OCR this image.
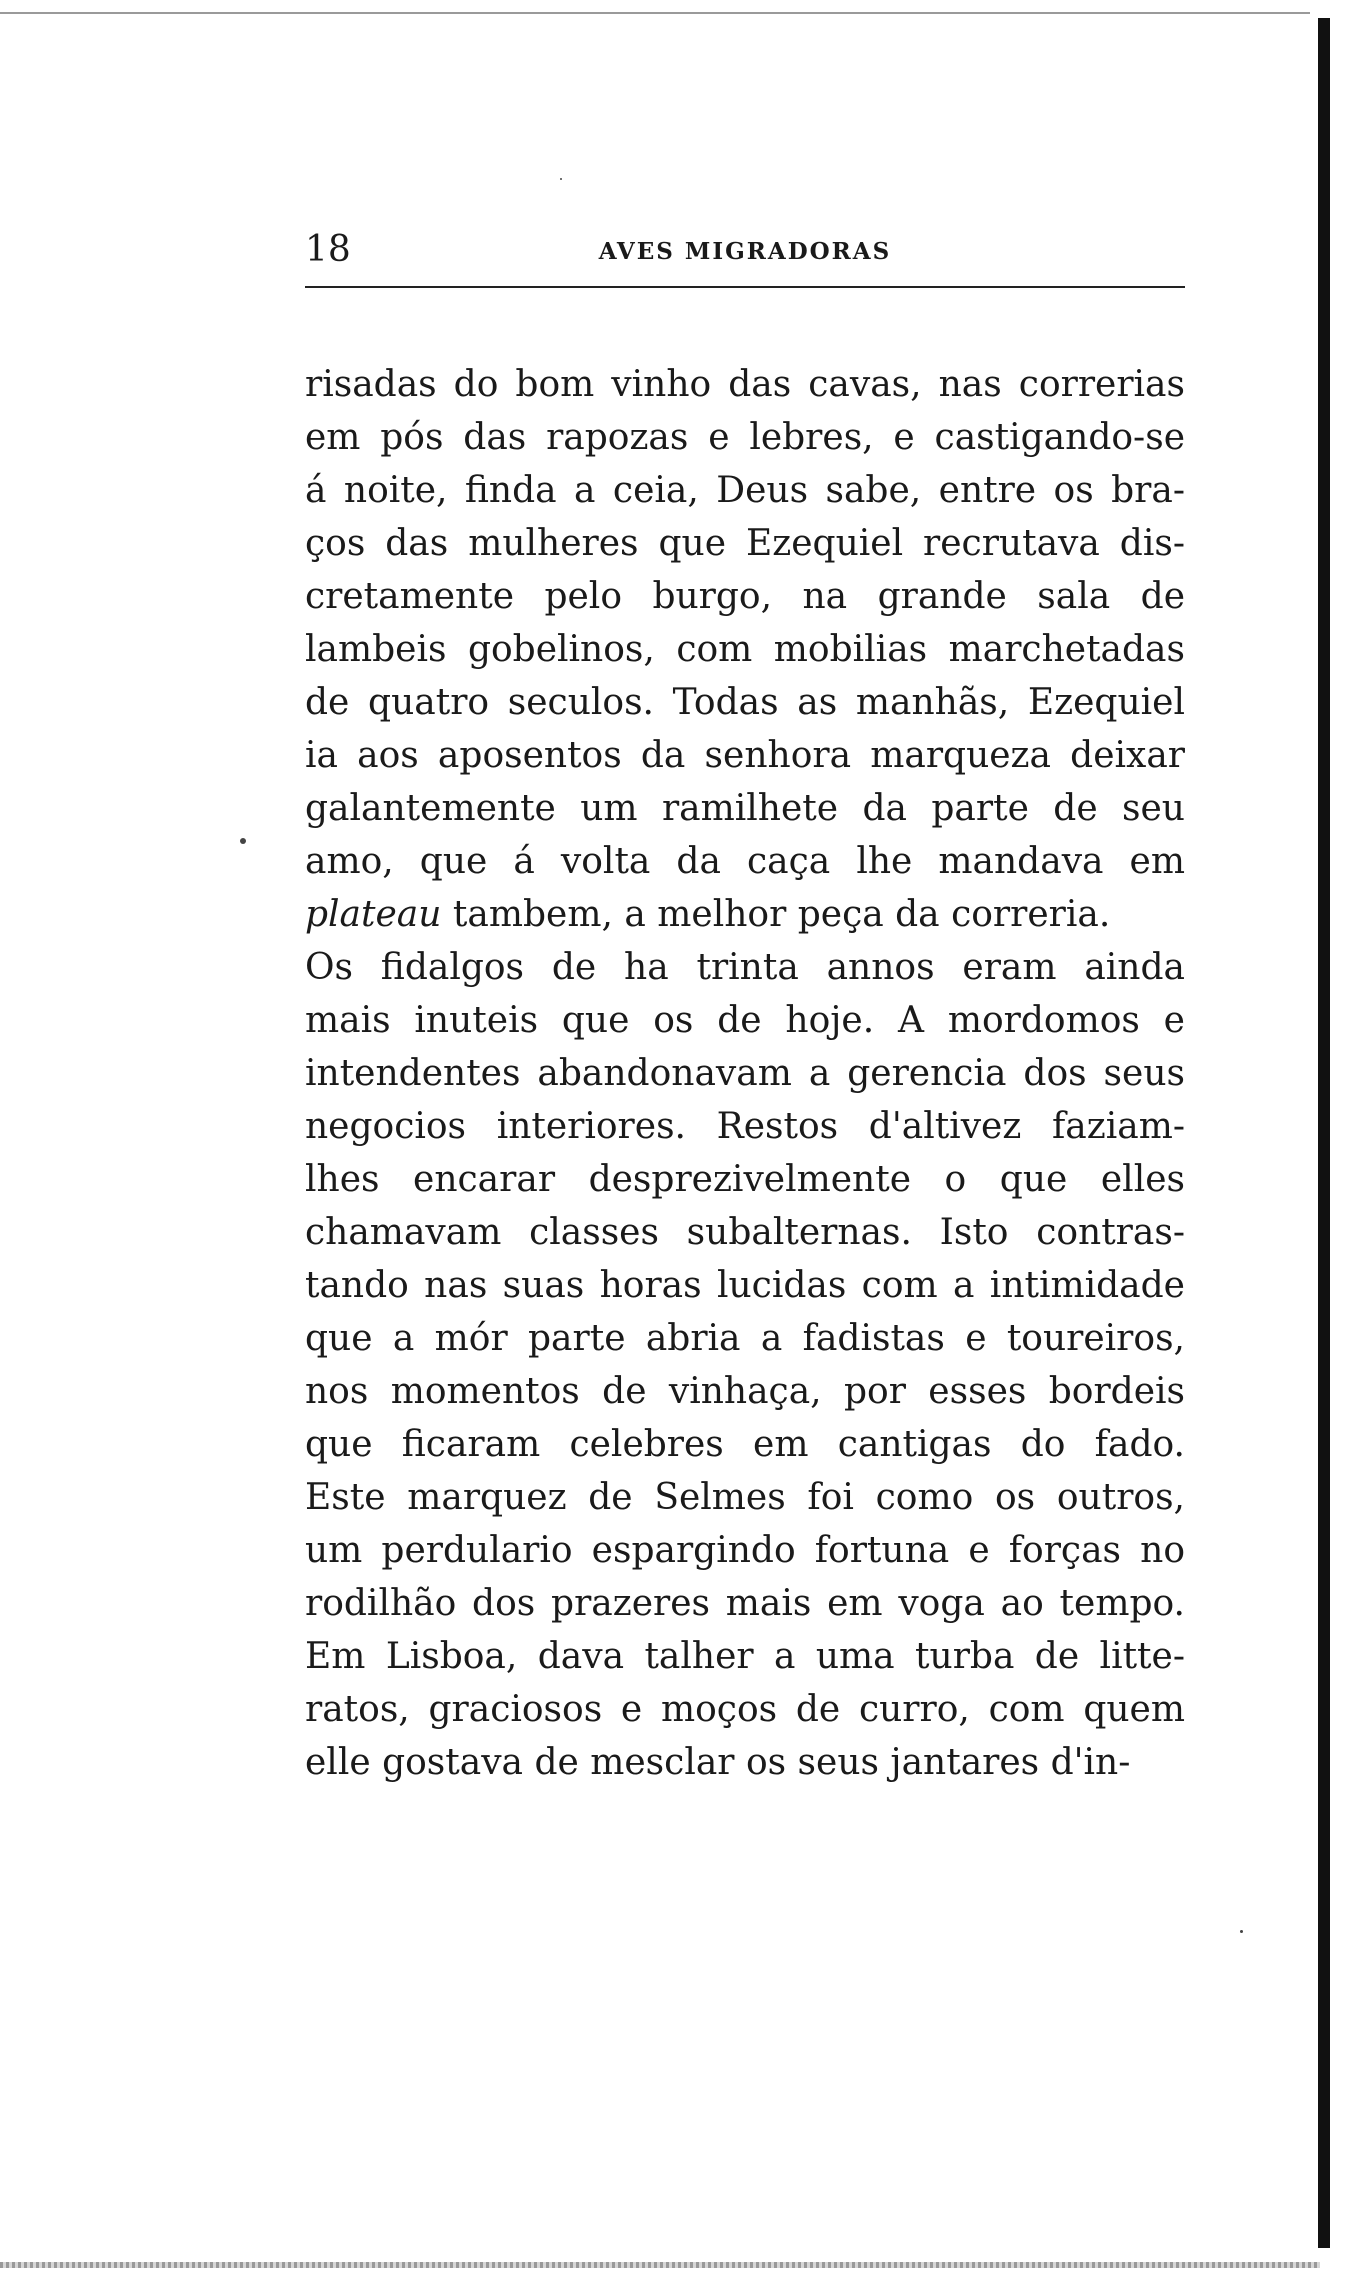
18	AVES MIGRADORAS
risadas do bom vinho das cavas, nas correrias
em pós das rapozas e lebres, e castigando-se
á noite, finda a ceia, Deus sabe, entre os bra-
ços das mulheres que Ezequiel recrutava dis-
cretamente pelo burgo, na grande sala de
lambeis gobelinos, com mobilias marchetadas
de quatro seculos. Todas as manhãs, Ezequiel
ia aos aposentos da senhora marqueza deixar
galantemente um ramilhete da parte de seu
amo, que á volta da caça lhe mandava em
plateau tambem, a melhor peça da correria.
Os fidalgos de ha trinta annos eram ainda
mais inuteis que os de hoje. A mordomos e
intendentes abandonavam a gerencia dos seus
negocios interiores. Restos d'altivez faziam-
lhes encarar desprezivelmente o que elles
chamavam classes subalternas. Isto contras-
tando nas suas horas lucidas com a intimidade
que a mór parte abria a fadistas e toureiros,
nos momentos de vinhaça, por esses bordeis
que ficaram celebres em cantigas do fado.
Este marquez de Selmes foi como os outros,
um perdulario espargindo fortuna e forças no
rodilhão dos prazeres mais em voga ao tempo.
Em Lisboa, dava talher a uma turba de litte-
ratos, graciosos e moços de curro, com quem
elle gostava de mesclar os seus jantares d'in-
